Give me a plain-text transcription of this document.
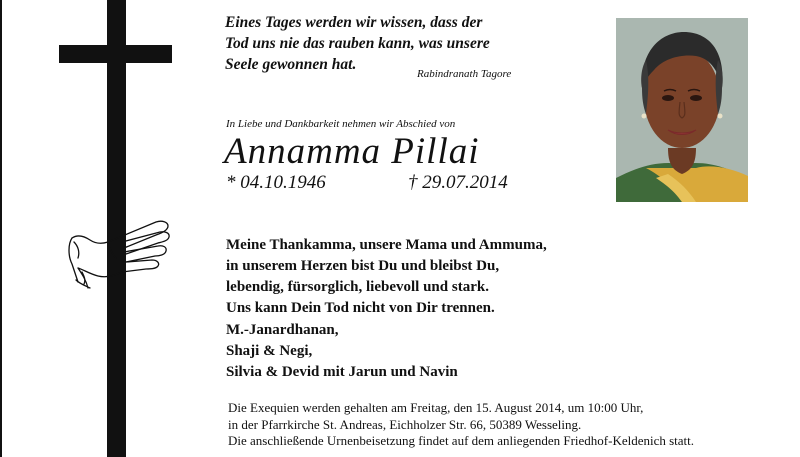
Eines Tages werden wir wissen, dass der
Tod uns nie das rauben kann, was unsere
Seele gewonnen hat.

Rabindranath Tagore
In Liebe und Dankbarkeit nehmen wir Abschied von
Annamma Pillai
* 04.10.1946	† 29.07.2014
Meine Thankamma, unsere Mama und Ammuma,
in unserem Herzen bist Du und bleibst Du,
lebendig, fürsorglich, liebevoll und stark.
Uns kann Dein Tod nicht von Dir trennen.
M.-Janardhanan,
Shaji & Negi,
Silvia & Devid mit Jarun und Navin
Die Exequien werden gehalten am Freitag, den 15. August 2014, um 10:00 Uhr,
in der Pfarrkirche St. Andreas, Eichholzer Str. 66, 50389 Wesseling.
Die anschließende Urnenbeisetzung findet auf dem anliegenden Friedhof-Keldenich statt.
